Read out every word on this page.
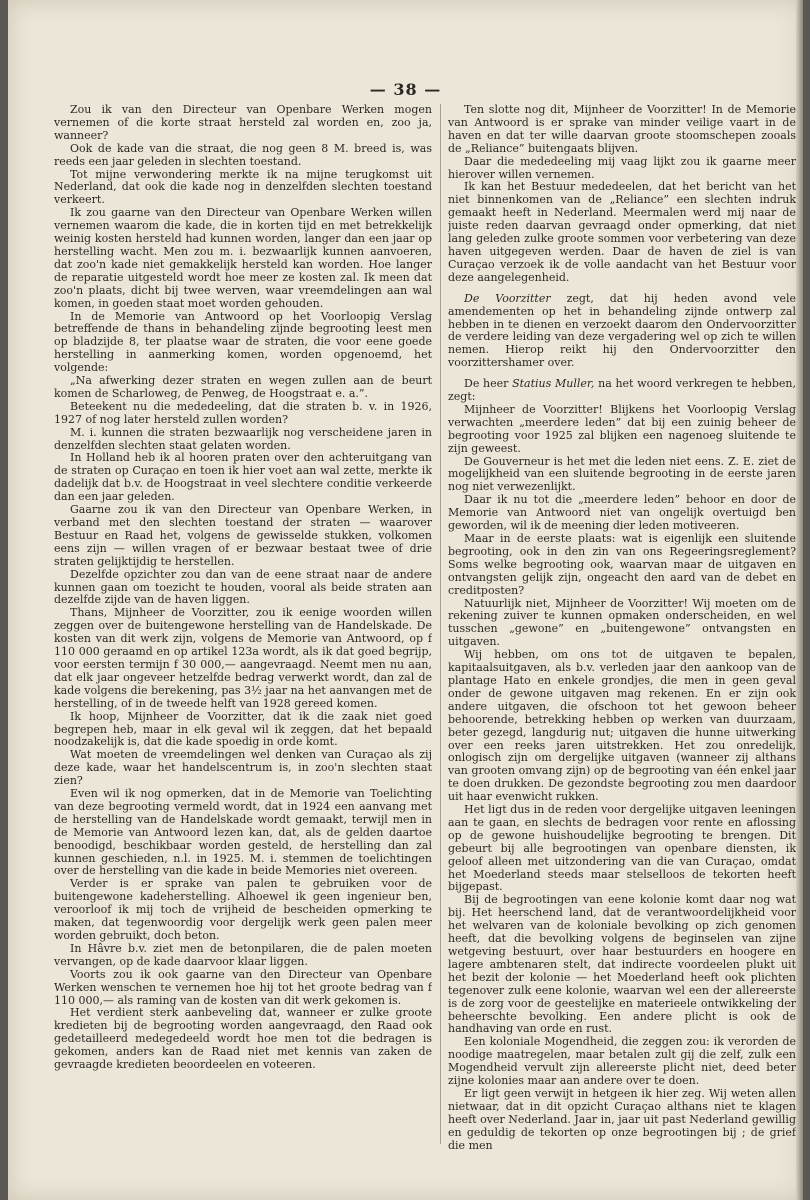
— 38 —

Zou ik van den Directeur van Openbare Werken mogen vernemen of die korte straat hersteld zal worden en, zoo ja, wanneer?

Ook de kade van die straat, die nog geen 8 M. breed is, was reeds een jaar geleden in slechten toestand.

Tot mijne verwondering merkte ik na mijne terugkomst uit Nederland, dat ook die kade nog in denzelfden slechten toestand verkeert.

Ik zou gaarne van den Directeur van Openbare Werken willen vernemen waarom die kade, die in korten tijd en met betrekkelijk weinig kosten hersteld had kunnen worden, langer dan een jaar op herstelling wacht. Men zou m. i. bezwaarlijk kunnen aanvoeren, dat zoo'n kade niet gemakkelijk hersteld kan worden. Hoe langer de reparatie uitgesteld wordt hoe meer ze kosten zal. Ik meen dat zoo'n plaats, dicht bij twee werven, waar vreemdelingen aan wal komen, in goeden staat moet worden gehouden.

In de Memorie van Antwoord op het Voorloopig Verslag betreffende de thans in behandeling zijnde begrooting leest men op bladzijde 8, ter plaatse waar de straten, die voor eene goede herstelling in aanmerking komen, worden opgenoemd, het volgende:

„Na afwerking dezer straten en wegen zullen aan de beurt komen de Scharloweg, de Penweg, de Hoogstraat e. a.”.

Beteekent nu die mededeeling, dat die straten b. v. in 1926, 1927 of nog later hersteld zullen worden?

M. i. kunnen die straten bezwaarlijk nog verscheidene jaren in denzelfden slechten staat gelaten worden.

In Holland heb ik al hooren praten over den achteruitgang van de straten op Curaçao en toen ik hier voet aan wal zette, merkte ik dadelijk dat b.v. de Hoogstraat in veel slechtere conditie verkeerde dan een jaar geleden.

Gaarne zou ik van den Directeur van Openbare Werken, in verband met den slechten toestand der straten — waarover Bestuur en Raad het, volgens de gewisselde stukken, volkomen eens zijn — willen vragen of er bezwaar bestaat twee of drie straten gelijktijdig te herstellen.

Dezelfde opzichter zou dan van de eene straat naar de andere kunnen gaan om toezicht te houden, vooral als beide straten aan dezelfde zijde van de haven liggen.

Thans, Mijnheer de Voorzitter, zou ik eenige woorden willen zeggen over de buitengewone herstelling van de Handelskade. De kosten van dit werk zijn, volgens de Memorie van Antwoord, op f 110 000 geraamd en op artikel 123a wordt, als ik dat goed begrijp, voor eersten termijn f 30 000,— aangevraagd. Neemt men nu aan, dat elk jaar ongeveer hetzelfde bedrag verwerkt wordt, dan zal de kade volgens die berekening, pas 3½ jaar na het aanvangen met de herstelling, of in de tweede helft van 1928 gereed komen.

Ik hoop, Mijnheer de Voorzitter, dat ik die zaak niet goed begrepen heb, maar in elk geval wil ik zeggen, dat het bepaald noodzakelijk is, dat die kade spoedig in orde komt.

Wat moeten de vreemdelingen wel denken van Curaçao als zij deze kade, waar het handelscentrum is, in zoo'n slechten staat zien?

Even wil ik nog opmerken, dat in de Memorie van Toelichting van deze begrooting vermeld wordt, dat in 1924 een aanvang met de herstelling van de Handelskade wordt gemaakt, terwijl men in de Memorie van Antwoord lezen kan, dat, als de gelden daartoe benoodigd, beschikbaar worden gesteld, de herstelling dan zal kunnen geschieden, n.l. in 1925. M. i. stemmen de toelichtingen over de herstelling van die kade in beide Memories niet overeen.

Verder is er sprake van palen te gebruiken voor de buitengewone kadeherstelling. Alhoewel ik geen ingenieur ben, veroorloof ik mij toch de vrijheid de bescheiden opmerking te maken, dat tegenwoordig voor dergelijk werk geen palen meer worden gebruikt, doch beton.

In Hâvre b.v. ziet men de betonpilaren, die de palen moeten vervangen, op de kade daarvoor klaar liggen.

Voorts zou ik ook gaarne van den Directeur van Openbare Werken wenschen te vernemen hoe hij tot het groote bedrag van f 110 000,— als raming van de kosten van dit werk gekomen is.

Het verdient sterk aanbeveling dat, wanneer er zulke groote kredieten bij de begrooting worden aangevraagd, den Raad ook gedetailleerd medegedeeld wordt hoe men tot die bedragen is gekomen, anders kan de Raad niet met kennis van zaken de gevraagde kredieten beoordeelen en voteeren.

Ten slotte nog dit, Mijnheer de Voorzitter! In de Memorie van Antwoord is er sprake van minder veilige vaart in de haven en dat ter wille daarvan groote stoomschepen zooals de „Reliance” buitengaats blijven.

Daar die mededeeling mij vaag lijkt zou ik gaarne meer hierover willen vernemen.

Ik kan het Bestuur mededeelen, dat het bericht van het niet binnenkomen van de „Reliance” een slechten indruk gemaakt heeft in Nederland. Meermalen werd mij naar de juiste reden daarvan gevraagd onder opmerking, dat niet lang geleden zulke groote sommen voor verbetering van deze haven uitgegeven werden. Daar de haven de ziel is van Curaçao verzoek ik de volle aandacht van het Bestuur voor deze aangelegenheid.

De Voorzitter zegt, dat hij heden avond vele amendementen op het in behandeling zijnde ontwerp zal hebben in te dienen en verzoekt daarom den Ondervoorzitter de verdere leiding van deze vergadering wel op zich te willen nemen. Hierop reikt hij den Ondervoorzitter den voorzittershamer over.

De heer Statius Muller, na het woord verkregen te hebben, zegt:

Mijnheer de Voorzitter! Blijkens het Voorloopig Verslag verwachten „meerdere leden” dat bij een zuinig beheer de begrooting voor 1925 zal blijken een nagenoeg sluitende te zijn geweest.

De Gouverneur is het met die leden niet eens. Z. E. ziet de mogelijkheid van een sluitende begrooting in de eerste jaren nog niet verwezenlijkt.

Daar ik nu tot die „meerdere leden” behoor en door de Memorie van Antwoord niet van ongelijk overtuigd ben geworden, wil ik de meening dier leden motiveeren.

Maar in de eerste plaats: wat is eigenlijk een sluitende begrooting, ook in den zin van ons Regeeringsreglement? Soms welke begrooting ook, waarvan maar de uitgaven en ontvangsten gelijk zijn, ongeacht den aard van de debet en creditposten?

Natuurlijk niet, Mijnheer de Voorzitter! Wij moeten om de rekening zuiver te kunnen opmaken onderscheiden, en wel tusschen „gewone” en „buitengewone” ontvangsten en uitgaven.

Wij hebben, om ons tot de uitgaven te bepalen, kapitaalsuitgaven, als b.v. verleden jaar den aankoop van de plantage Hato en enkele grondjes, die men in geen geval onder de gewone uitgaven mag rekenen. En er zijn ook andere uitgaven, die ofschoon tot het gewoon beheer behoorende, betrekking hebben op werken van duurzaam, beter gezegd, langdurig nut; uitgaven die hunne uitwerking over een reeks jaren uitstrekken. Het zou onredelijk, onlogisch zijn om dergelijke uitgaven (wanneer zij althans van grooten omvang zijn) op de begrooting van één enkel jaar te doen drukken. De gezondste begrooting zou men daardoor uit haar evenwicht rukken.

Het ligt dus in de reden voor dergelijke uitgaven leeningen aan te gaan, en slechts de bedragen voor rente en aflossing op de gewone huishoudelijke begrooting te brengen. Dit gebeurt bij alle begrootingen van openbare diensten, ik geloof alleen met uitzondering van die van Curaçao, omdat het Moederland steeds maar stelselloos de tekorten heeft bijgepast.

Bij de begrootingen van eene kolonie komt daar nog wat bij. Het heerschend land, dat de verantwoordelijkheid voor het welvaren van de koloniale bevolking op zich genomen heeft, dat die bevolking volgens de beginselen van zijne wetgeving bestuurt, over haar bestuurders en hoogere en lagere ambtenaren stelt, dat indirecte voordeelen plukt uit het bezit der kolonie — het Moederland heeft ook plichten tegenover zulk eene kolonie, waarvan wel een der allereerste is de zorg voor de geestelijke en materieele ontwikkeling der beheerschte bevolking. Een andere plicht is ook de handhaving van orde en rust.

Een koloniale Mogendheid, die zeggen zou: ik verorden de noodige maatregelen, maar betalen zult gij die zelf, zulk een Mogendheid vervult zijn allereerste plicht niet, deed beter zijne kolonies maar aan andere over te doen.

Er ligt geen verwijt in hetgeen ik hier zeg. Wij weten allen nietwaar, dat in dit opzicht Curaçao althans niet te klagen heeft over Nederland. Jaar in, jaar uit past Nederland gewillig en geduldig de tekorten op onze begrootingen bij ; de grief die men
